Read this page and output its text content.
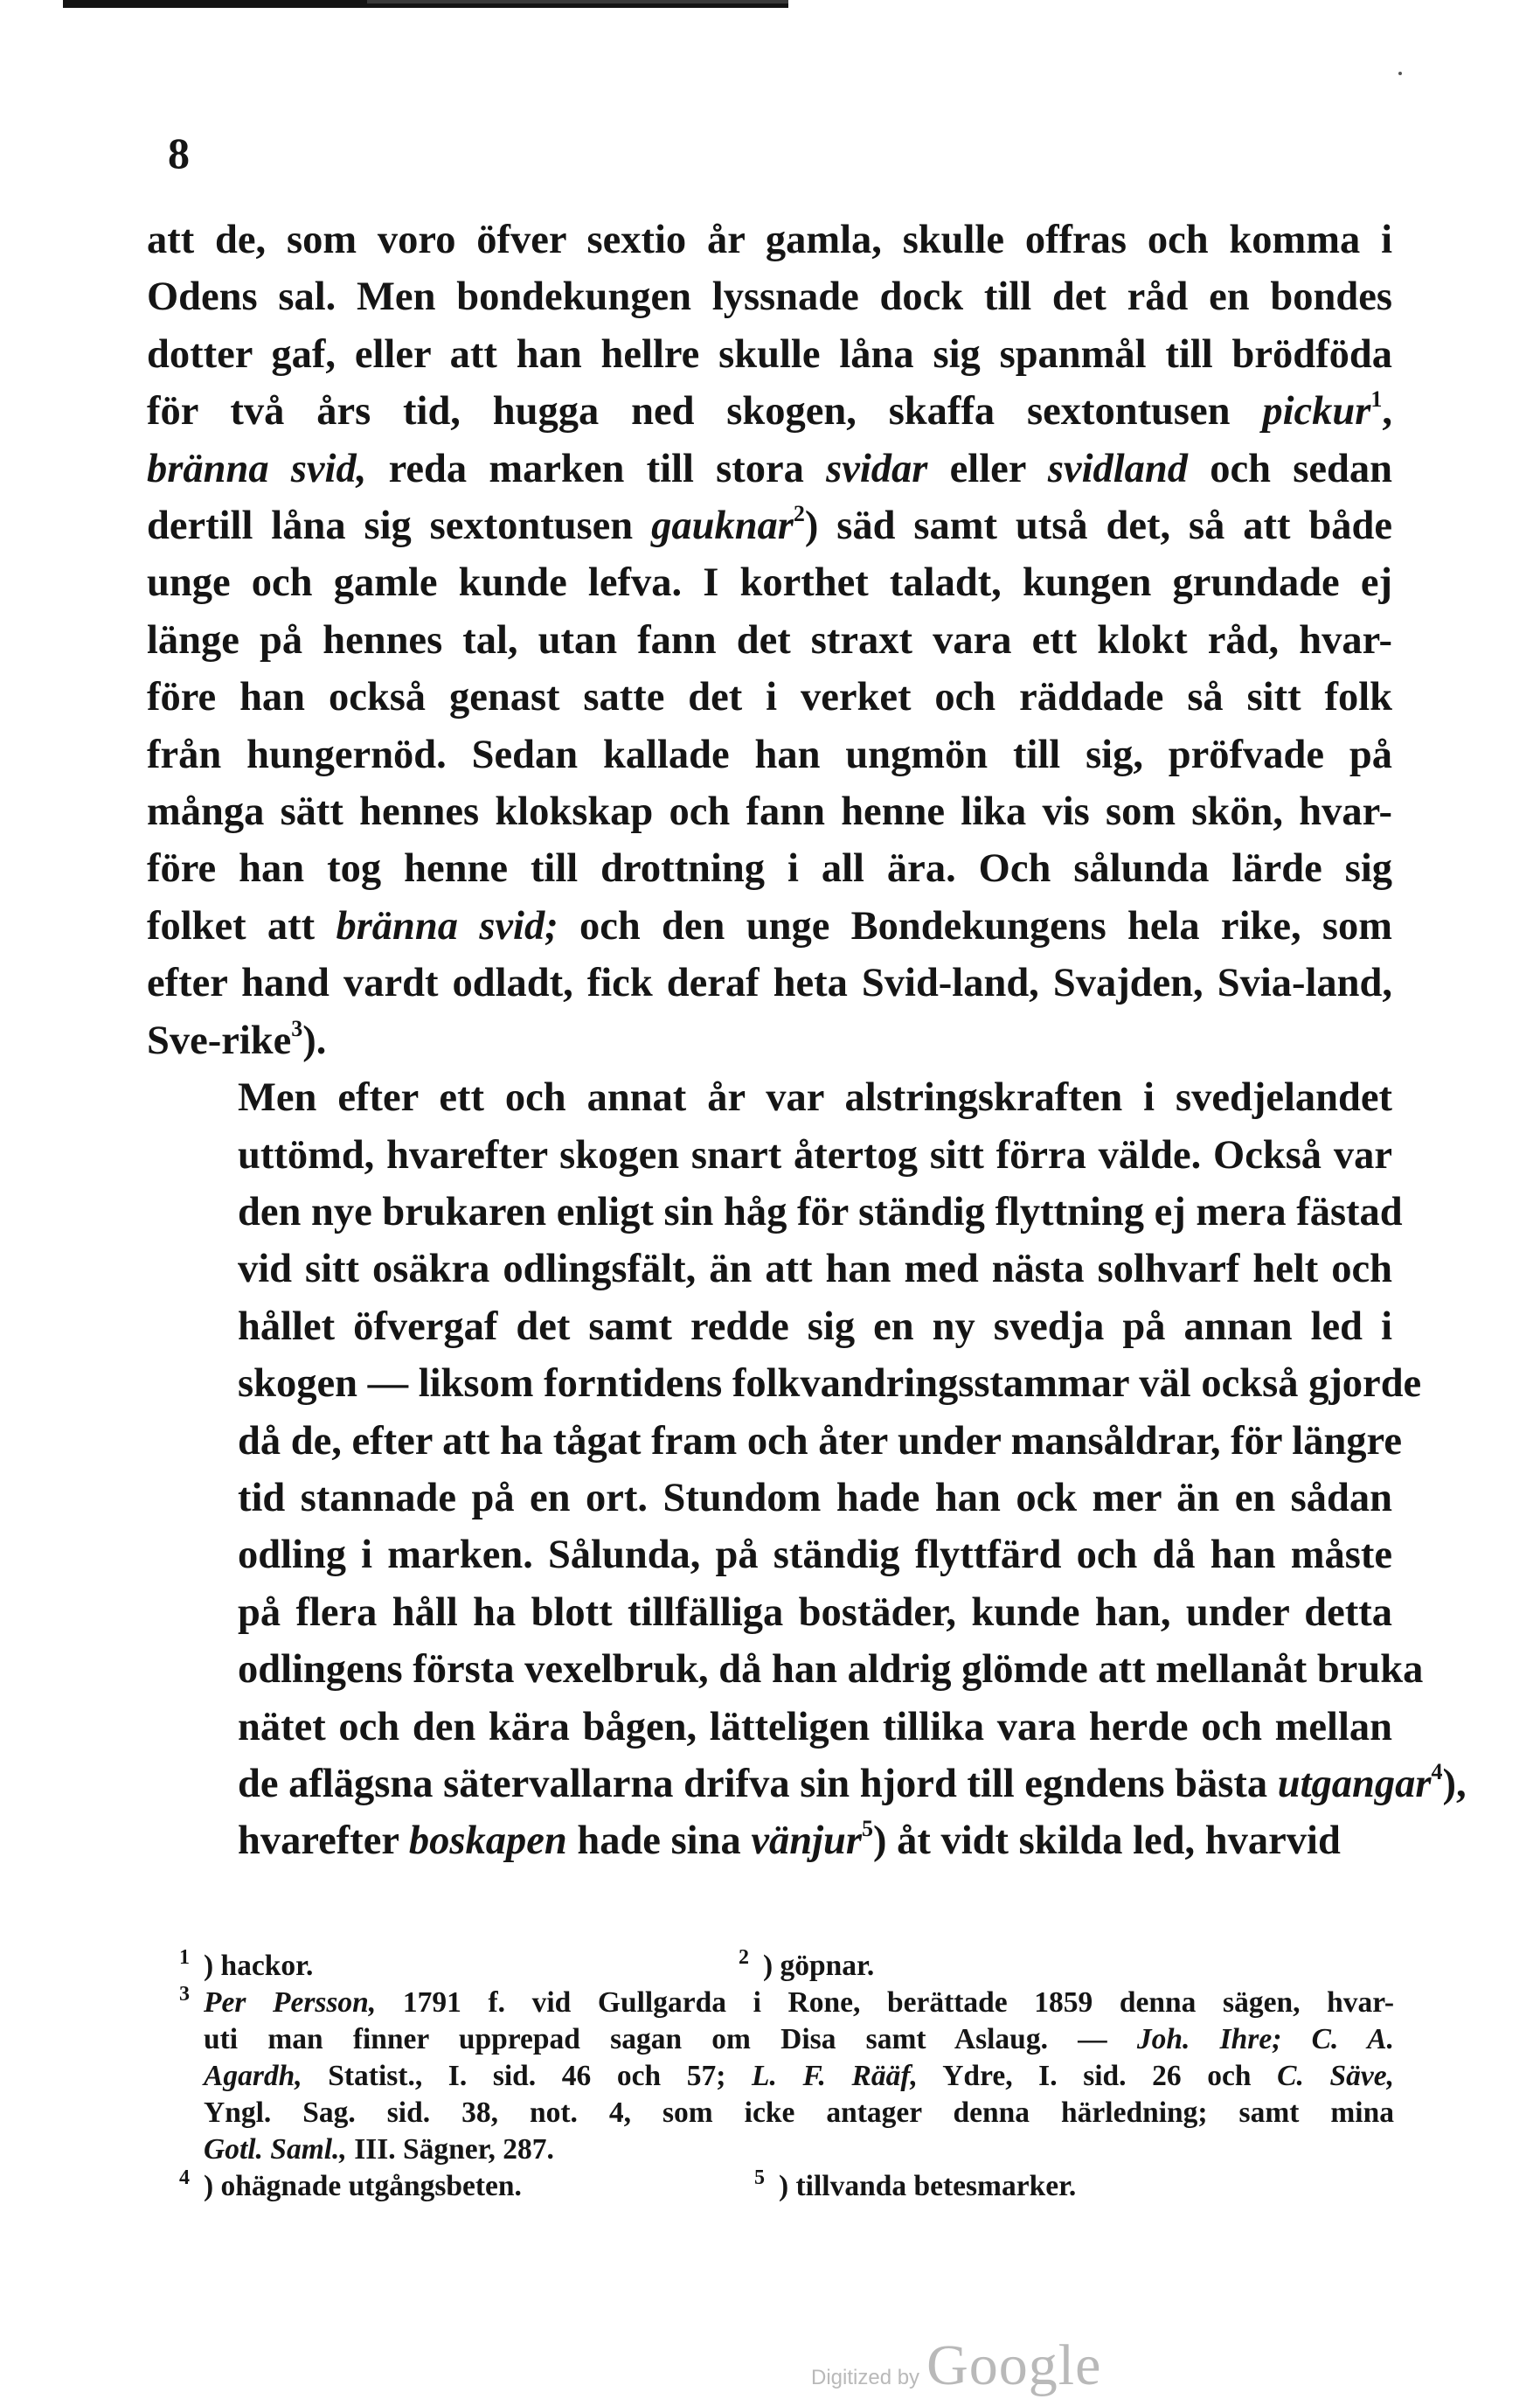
8
att de, som voro öfver sextio år gamla, skulle offras och komma i
Odens sal. Men bondekungen lyssnade dock till det råd en bondes
dotter gaf, eller att han hellre skulle låna sig spanmål till brödföda
för två års tid, hugga ned skogen, skaffa sextontusen pickur$^1$,
bränna svid, reda marken till stora svidar eller svidland och sedan
dertill låna sig sextontusen gauknar$^2$) säd samt utså det, så att både
unge och gamle kunde lefva. I korthet taladt, kungen grundade ej
länge på hennes tal, utan fann det straxt vara ett klokt råd, hvar-
före han också genast satte det i verket och räddade så sitt folk
från hungernöd. Sedan kallade han ungmön till sig, pröfvade på
många sätt hennes klokskap och fann henne lika vis som skön, hvar-
före han tog henne till drottning i all ära. Och sålunda lärde sig
folket att bränna svid; och den unge Bondekungens hela rike, som
efter hand vardt odladt, fick deraf heta Svid-land, Svajden, Svia-land,
Sve-rike$^3$).
Men efter ett och annat år var alstringskraften i svedjelandet
uttömd, hvarefter skogen snart återtog sitt förra välde. Också var
den nye brukaren enligt sin håg för ständig flyttning ej mera fästad
vid sitt osäkra odlingsfält, än att han med nästa solhvarf helt och
hållet öfvergaf det samt redde sig en ny svedja på annan led i
skogen — liksom forntidens folkvandringsstammar väl också gjorde
då de, efter att ha tågat fram och åter under mansåldrar, för längre
tid stannade på en ort. Stundom hade han ock mer än en sådan
odling i marken. Sålunda, på ständig flyttfärd och då han måste
på flera håll ha blott tillfälliga bostäder, kunde han, under detta
odlingens första vexelbruk, då han aldrig glömde att mellanåt bruka
nätet och den kära bågen, lätteligen tillika vara herde och mellan
de aflägsna sätervallarna drifva sin hjord till egndens bästa utgangar$^4$),
hvarefter boskapen hade sina vänjur$^5$) åt vidt skilda led, hvarvid
1 ) hackor.	2 ) göpnar.
3 Per Persson, 1791 f. vid Gullgarda i Rone, berättade 1859 denna sägen, hvar-
uti man finner upprepad sagan om Disa samt Aslaug. — Joh. Ihre; C. A.
Agardh, Statist., I. sid. 46 och 57; L. F. Rääf, Ydre, I. sid. 26 och C. Säve,
Yngl. Sag. sid. 38, not. 4, som icke antager denna härledning; samt mina
Gotl. Saml., III. Sägner, 287.
4 ) ohägnade utgångsbeten.	5 ) tillvanda betesmarker.
Digitized by Google
